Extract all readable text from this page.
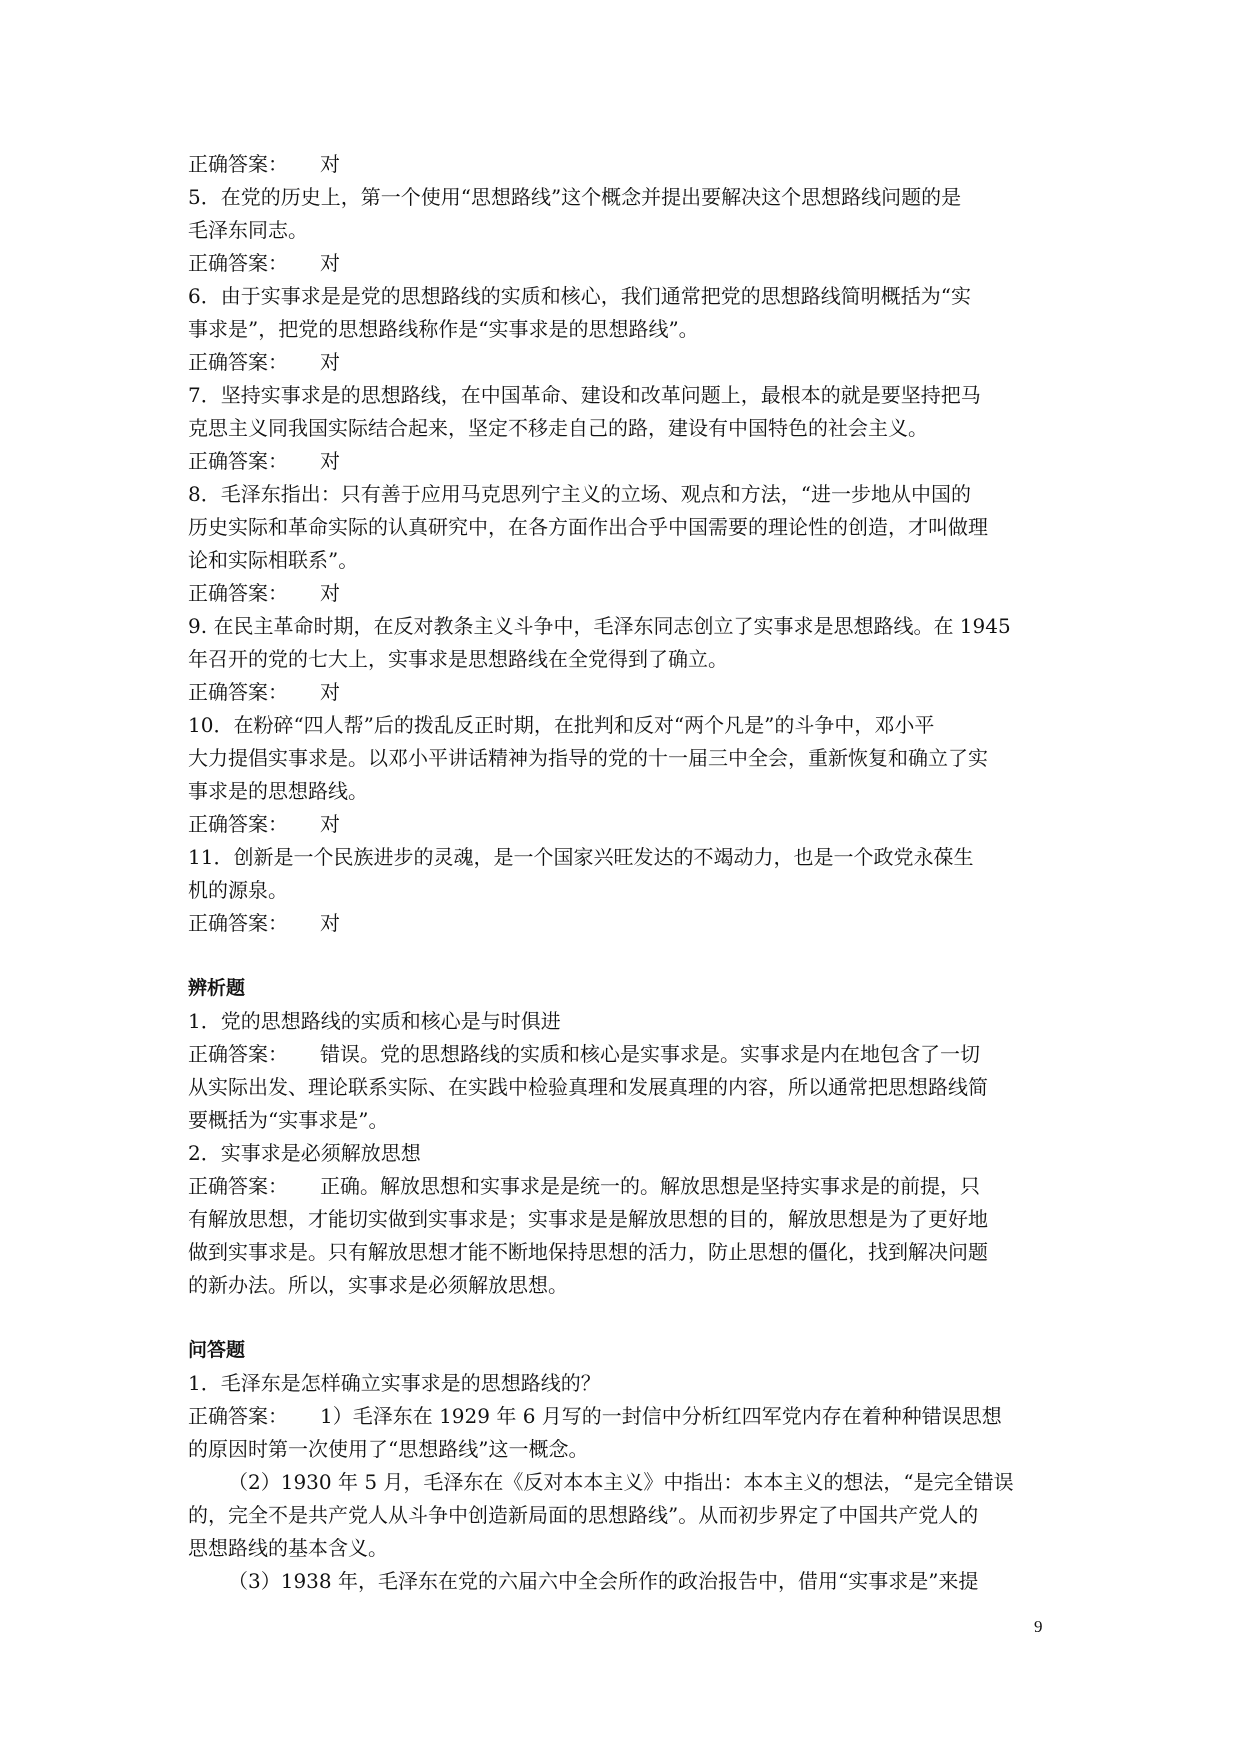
正确答案： 对
5．在党的历史上，第一个使用“思想路线”这个概念并提出要解决这个思想路线问题的是
毛泽东同志。
正确答案： 对
6．由于实事求是是党的思想路线的实质和核心，我们通常把党的思想路线简明概括为“实
事求是”，把党的思想路线称作是“实事求是的思想路线”。
正确答案： 对
7．坚持实事求是的思想路线，在中国革命、建设和改革问题上，最根本的就是要坚持把马
克思主义同我国实际结合起来，坚定不移走自己的路，建设有中国特色的社会主义。
正确答案： 对
8．毛泽东指出：只有善于应用马克思列宁主义的立场、观点和方法，“进一步地从中国的
历史实际和革命实际的认真研究中，在各方面作出合乎中国需要的理论性的创造，才叫做理
论和实际相联系”。
正确答案： 对
9. 在民主革命时期，在反对教条主义斗争中，毛泽东同志创立了实事求是思想路线。在 1945
年召开的党的七大上，实事求是思想路线在全党得到了确立。
正确答案： 对
10．在粉碎“四人帮”后的拨乱反正时期，在批判和反对“两个凡是”的斗争中，邓小平
大力提倡实事求是。以邓小平讲话精神为指导的党的十一届三中全会，重新恢复和确立了实
事求是的思想路线。
正确答案： 对
11．创新是一个民族进步的灵魂，是一个国家兴旺发达的不竭动力，也是一个政党永葆生
机的源泉。
正确答案： 对
辨析题
1．党的思想路线的实质和核心是与时俱进
正确答案： 错误。党的思想路线的实质和核心是实事求是。实事求是内在地包含了一切
从实际出发、理论联系实际、在实践中检验真理和发展真理的内容，所以通常把思想路线简
要概括为“实事求是”。
2．实事求是必须解放思想
正确答案： 正确。解放思想和实事求是是统一的。解放思想是坚持实事求是的前提，只
有解放思想，才能切实做到实事求是；实事求是是解放思想的目的，解放思想是为了更好地
做到实事求是。只有解放思想才能不断地保持思想的活力，防止思想的僵化，找到解决问题
的新办法。所以，实事求是必须解放思想。
问答题
1．毛泽东是怎样确立实事求是的思想路线的？
正确答案： 1）毛泽东在 1929 年 6 月写的一封信中分析红四军党内存在着种种错误思想
的原因时第一次使用了“思想路线”这一概念。
（2）1930 年 5 月，毛泽东在《反对本本主义》中指出：本本主义的想法，“是完全错误
的，完全不是共产党人从斗争中创造新局面的思想路线”。从而初步界定了中国共产党人的
思想路线的基本含义。
（3）1938 年，毛泽东在党的六届六中全会所作的政治报告中，借用“实事求是”来提
9
